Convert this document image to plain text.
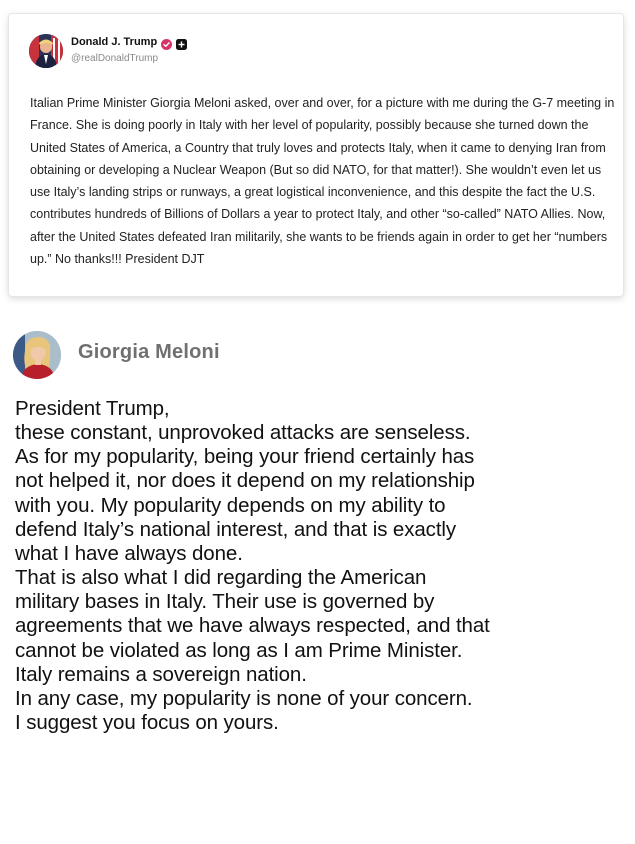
Donald J. Trump
@realDonaldTrump

Italian Prime Minister Giorgia Meloni asked, over and over, for a picture with me during the G-7 meeting in France. She is doing poorly in Italy with her level of popularity, possibly because she turned down the United States of America, a Country that truly loves and protects Italy, when it came to denying Iran from obtaining or developing a Nuclear Weapon (But so did NATO, for that matter!). She wouldn’t even let us use Italy’s landing strips or runways, a great logistical inconvenience, and this despite the fact the U.S. contributes hundreds of Billions of Dollars a year to protect Italy, and other “so-called” NATO Allies. Now, after the United States defeated Iran militarily, she wants to be friends again in order to get her “numbers up.” No thanks!!! President DJT

Giorgia Meloni
President Trump,
these constant, unprovoked attacks are senseless.
As for my popularity, being your friend certainly has
not helped it, nor does it depend on my relationship
with you. My popularity depends on my ability to
defend Italy’s national interest, and that is exactly
what I have always done.
That is also what I did regarding the American
military bases in Italy. Their use is governed by
agreements that we have always respected, and that
cannot be violated as long as I am Prime Minister.
Italy remains a sovereign nation.
In any case, my popularity is none of your concern.
I suggest you focus on yours.
